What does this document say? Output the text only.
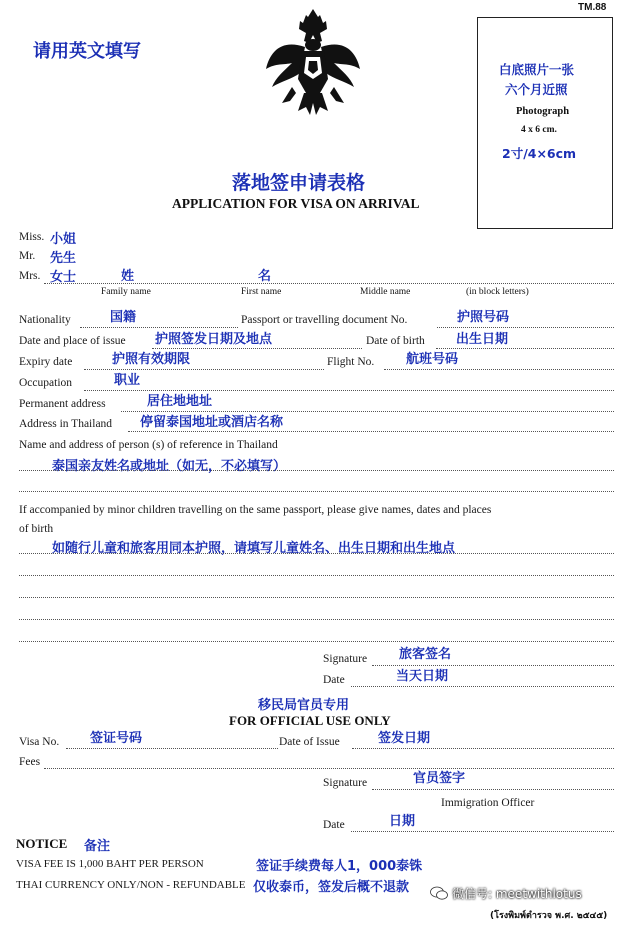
TM.88
请用英文填写
落地签申请表格
APPLICATION FOR VISA ON ARRIVAL
白底照片一张
六个月近照
Photograph
4 x 6 cm.
2寸/4×6cm
Miss. 小姐
Mr. 先生
Mrs. 女士	姓	名
Family name	First name	Middle name	(in block letters)
Nationality	国籍	Passport or travelling document No.	护照号码
Date and place of issue 护照签发日期及地点	Date of birth 出生日期
Expiry date	护照有效期限	Flight No. 航班号码
Occupation	职业
Permanent address	居住地地址
Address in Thailand 停留泰国地址或酒店名称
Name and address of person (s) of reference in Thailand
泰国亲友姓名或地址（如无，不必填写）
If accompanied by minor children travelling on the same passport, please give names, dates and places
of birth
如随行儿童和旅客用同本护照，请填写儿童姓名、出生日期和出生地点
Signature 旅客签名
Date	当天日期
移民局官员专用
FOR OFFICIAL USE ONLY
Visa No. 签证号码	Date of Issue	签发日期
Fees
Signature	官员签字
Immigration Officer
Date	日期
NOTICE 备注
VISA FEE IS 1,000 BAHT PER PERSON	签证手续费每人1，000泰铢
THAI CURRENCY ONLY/NON - REFUNDABLE 仅收泰币，签发后概不退款
(โรงพิมพ์ตำรวจ พ.ศ. ๒๕๔๕)
微信号: meetwithlotus
